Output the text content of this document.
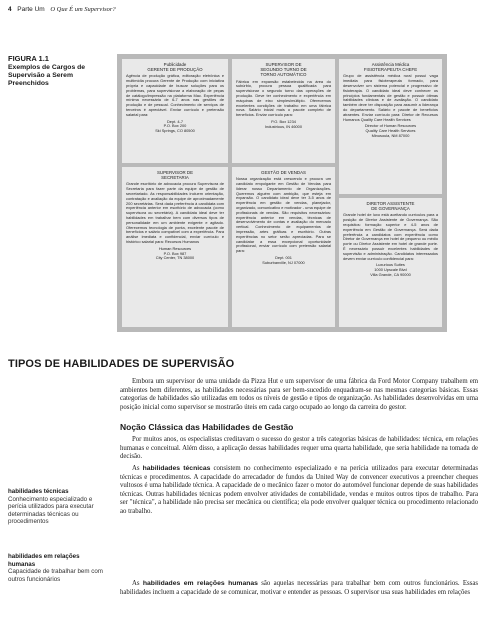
4 Parte Um O Que É um Supervisor?
FIGURA 1.1
Exemplos de Cargos de Supervisão a Serem Preenchidos
Publicidade
GERENTE DE PRODUÇÃO
Agência de produção gráfica, editoração eletrônica e multimídia procura Gerente de Produção com iniciativa própria e capacidade de buscar soluções para os problemas, para supervisionar a elaboração de peças de catálogo/impressão na plataforma Mac. Experiência mínima necessária de 6-7 anos nas gestões de produção e de pessoal. Conhecimento de serviços de terceiros é apreciável. Enviar currículo e pretensão salarial para:
Dept. 4-7
P.O. Box 200
Ski Springs, CO 80500
SUPERVISOR DE
SEGUNDO TURNO DE
TORNO AUTOMÁTICO
Fábrica em expansão estabelecida na área do subúrbio, procura pessoa qualificada para supervisionar o segundo turno das operações de produção. Deve ter conhecimento e experiência em máquinas de eixo simples/múltiplo. Oferecemos excelentes condições de trabalho em uma fábrica nova. Salário inicial mais o pacote completo de benefícios. Enviar currículo para:
P.O. Box 1234
Industrious, IN 46000
Assistência Médica
FISIOTERAPEUTA CHEFE
Grupo de assistência médica rural possui vaga imediata para fisioterapeuta formado, para desenvolver um sistema potencial e progressivo de fisioterapia. O candidato ideal deve conhecer os princípios fundamentais de gestão e possuir ótimas habilidades clínicas e de avaliação. O candidato também deve ter disposição para assumir a liderança do departamento. Salário e pacote de benefícios atraentes. Enviar currículo para: Diretor de Recursos Humanos Quality Care Health Services
Director of Human Resources
Quality Care Health Services
Minusoula, NM 87000
SUPERVISOR DE
SECRETARIA
Grande escritório de advocacia procura Supervisora de Secretaria para fazer parte da equipe de gestão de secretariado. As responsabilidades incluem orientação, contratação e avaliação da equipe de aproximadamente 200 secretárias. Será dada preferência à candidata com experiência anterior em escritório de advocacia (como supervisora ou secretária). A candidata ideal deve ter habilidades em trabalhar bem com diversos tipos de personalidade em um ambiente exigente e agitado. Oferecemos tecnologia de ponta, excelente pacote de benefícios e salário compatível com a experiência. Para análise imediata e confidencial, enviar currículo e histórico salarial para: Recursos Humanos
Human Resources
P.O. Box 987
City Center, TN 38000
GESTÃO DE VENDAS
Nossa organização está crescendo e procura um candidato empolgante em Gestão de Vendas para liderar nosso Departamento de Organizações. Queremos alguém com ambição, que esteja em expansão. O candidato ideal deve ter 3-5 anos de experiência em gestão de vendas, planejador, organizado, comunicativo e motivador - uma equipe de profissionais de vendas. São requisitos necessários: experiência anterior em vendas, técnicas de desenvolvimento de contas e avaliação do mercado vertical. Conhecimento de equipamentos de impressão, artes gráficas e escritório. Outras experiências no setor serão apreciadas. Para se candidatar a essa excepcional oportunidade profissional, enviar currículo com pretensão salarial para:
Dept. 001
Suburbanville, NJ 07000
DIRETOR ASSISTENTE
DE GOVERNANÇA
Grande hotel de luxo está aceitando currículos para a posição de Diretor Assistente de Governança. São requisitos: formação superior e 4-5 anos de experiência em Gestão de Governança. Será dada preferência a candidatos com experiência como Diretor de Governança em hotel de pequeno ou médio porte ou Diretor Assistente em hotel de grande porte. É necessário possuir excelentes habilidades de supervisão e administração. Candidatos interessados devem enviar currículo confidencial para:
Luxurious Suites
1000 Upscale Blvd
Villa Grande, CA 90000
TIPOS DE HABILIDADES DE SUPERVISÃO
Embora um supervisor de uma unidade da Pizza Hut e um supervisor de uma fábrica da Ford Motor Company trabalhem em ambientes bem diferentes, as habilidades necessárias para ser bem-sucedido enquadram-se nas mesmas categorias básicas. Essas categorias de habilidades são utilizadas em todos os níveis de gestão e tipos de organização. As habilidades desenvolvidas em uma posição inicial como supervisor se mostrarão úteis em cada cargo ocupado ao longo da carreira do gestor.
Noção Clássica das Habilidades de Gestão
Por muitos anos, os especialistas creditavam o sucesso do gestor a três categorias básicas de habilidades: técnica, em relações humanas e conceitual. Além disso, a aplicação dessas habilidades requer uma quarta habilidade, que seria habilidade na tomada de decisão.
As habilidades técnicas consistem no conhecimento especializado e na perícia utilizados para executar determinadas técnicas e procedimentos. A capacidade do arrecadador de fundos da United Way de convencer executivos a preencher cheques vultosos é uma habilidade técnica. A capacidade de o mecânico fazer o motor do automóvel funcionar depende de suas habilidades técnicas. Outras habilidades técnicas podem envolver atividades de contabilidade, vendas e muitos outros tipos de trabalho. Para ser "técnica", a habilidade não precisa ser mecânica ou científica; ela pode envolver qualquer técnica ou procedimento relacionado ao trabalho.
As habilidades em relações humanas são aquelas necessárias para trabalhar bem com outros funcionários. Essas habilidades incluem a capacidade de se comunicar, motivar e entender as pessoas. O supervisor usa suas habilidades em relações
habilidades técnicas
Conhecimento especializado e perícia utilizados para executar determinadas técnicas ou procedimentos
habilidades em relações humanas
Capacidade de trabalhar bem com outros funcionários
